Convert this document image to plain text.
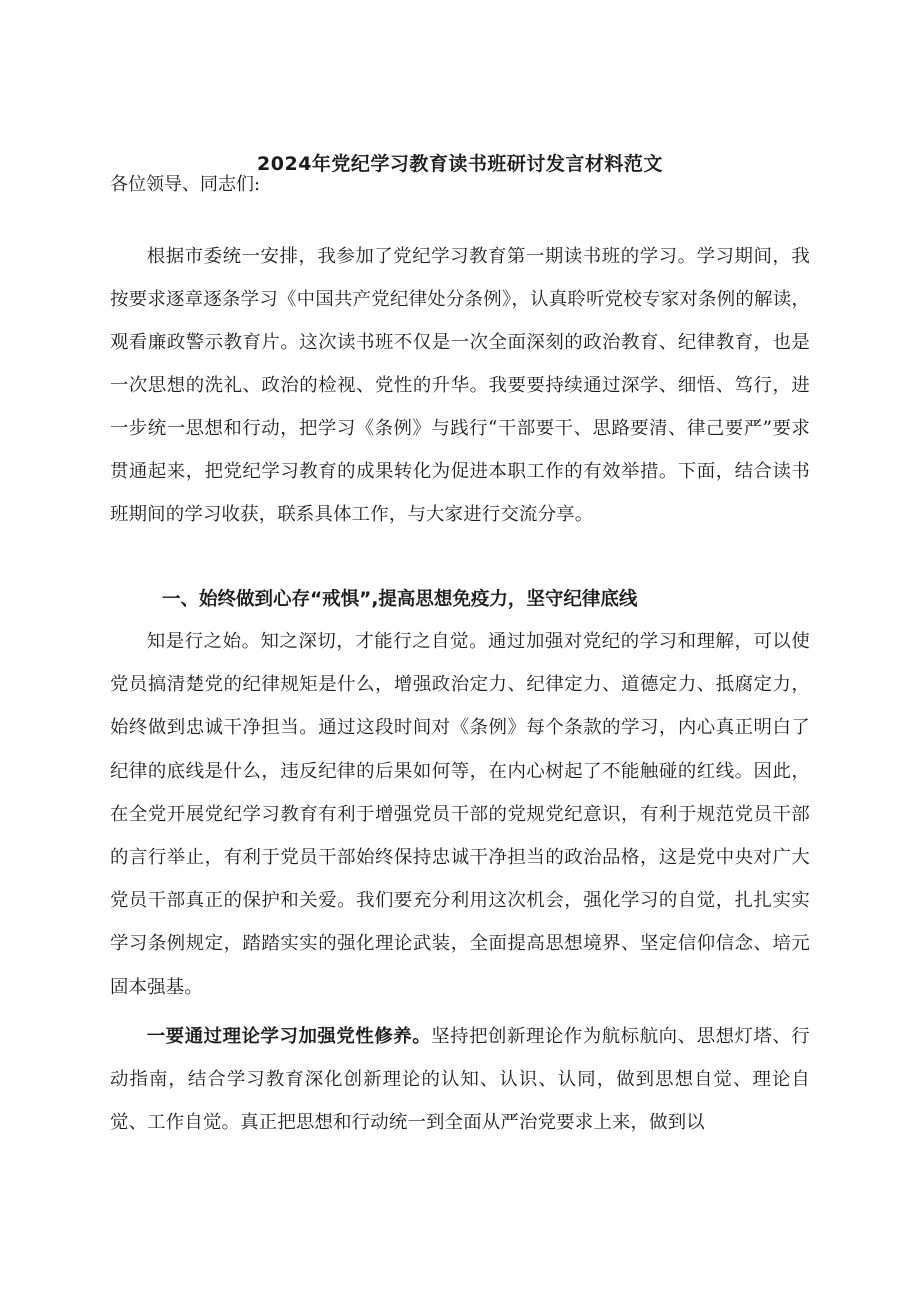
2024年党纪学习教育读书班研讨发言材料范文
各位领导、同志们:
根据市委统一安排，我参加了党纪学习教育第一期读书班的学习。学习期间，我按要求逐章逐条学习《中国共产党纪律处分条例》，认真聆听党校专家对条例的解读，观看廉政警示教育片。这次读书班不仅是一次全面深刻的政治教育、纪律教育，也是一次思想的洗礼、政治的检视、党性的升华。我要要持续通过深学、细悟、笃行，进一步统一思想和行动，把学习《条例》与践行“干部要干、思路要清、律己要严”要求贯通起来，把党纪学习教育的成果转化为促进本职工作的有效举措。下面，结合读书班期间的学习收获，联系具体工作，与大家进行交流分享。
一、始终做到心存“戒惧”,提高思想免疫力，坚守纪律底线
知是行之始。知之深切，才能行之自觉。通过加强对党纪的学习和理解，可以使党员搞清楚党的纪律规矩是什么，增强政治定力、纪律定力、道德定力、抵腐定力，始终做到忠诚干净担当。通过这段时间对《条例》每个条款的学习，内心真正明白了纪律的底线是什么，违反纪律的后果如何等，在内心树起了不能触碰的红线。因此，在全党开展党纪学习教育有利于增强党员干部的党规党纪意识，有利于规范党员干部的言行举止，有利于党员干部始终保持忠诚干净担当的政治品格，这是党中央对广大党员干部真正的保护和关爱。我们要充分利用这次机会，强化学习的自觉，扎扎实实学习条例规定，踏踏实实的强化理论武装，全面提高思想境界、坚定信仰信念、培元固本强基。
一要通过理论学习加强党性修养。坚持把创新理论作为航标航向、思想灯塔、行动指南，结合学习教育深化创新理论的认知、认识、认同，做到思想自觉、理论自觉、工作自觉。真正把思想和行动统一到全面从严治党要求上来，做到以
